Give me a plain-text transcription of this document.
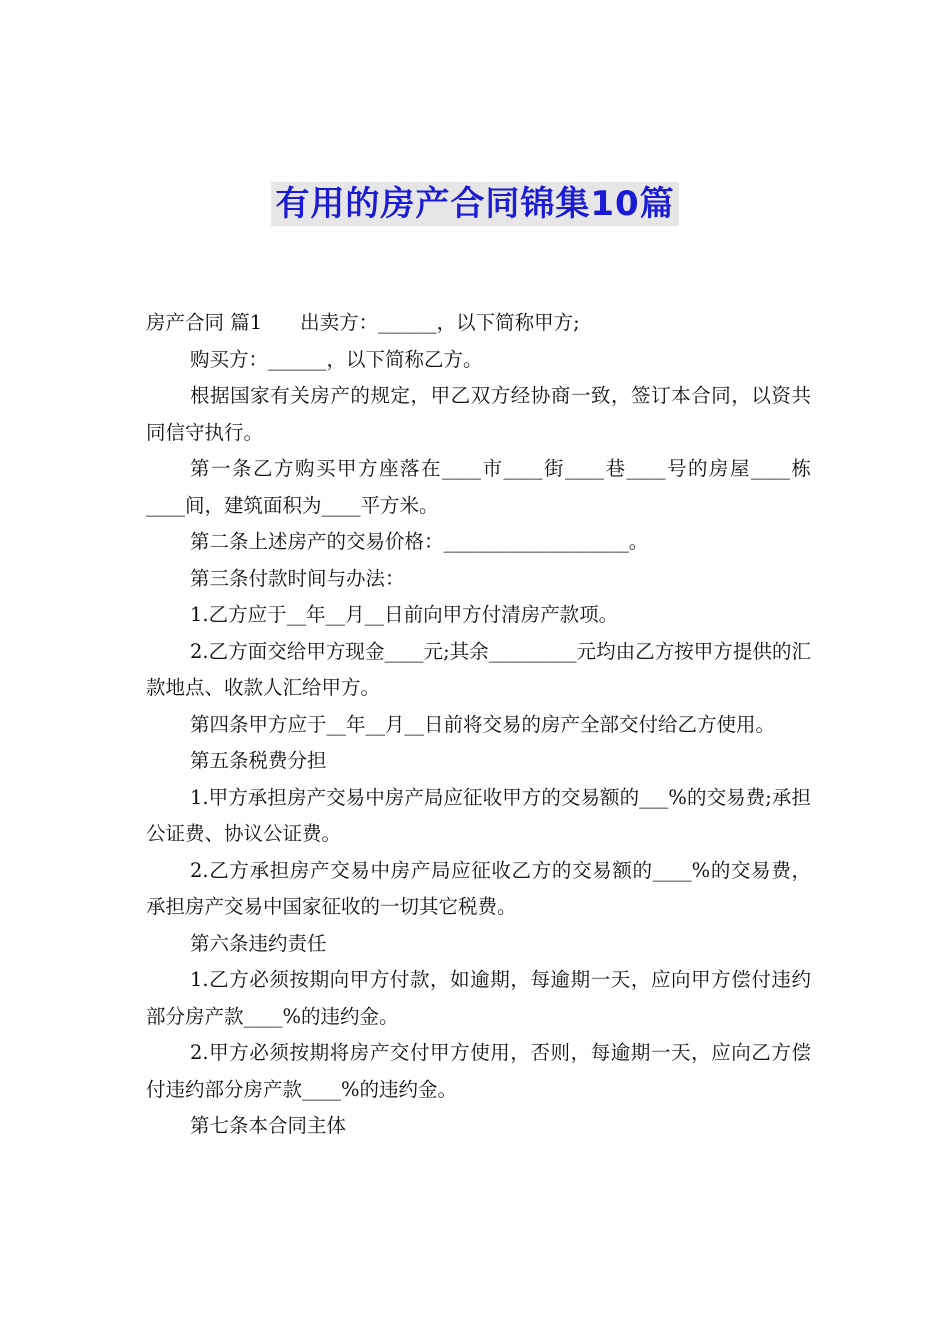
有用的房产合同锦集10篇

房产合同 篇1 出卖方：______，以下简称甲方;

购买方：______，以下简称乙方。

根据国家有关房产的规定，甲乙双方经协商一致，签订本合同，以资共同信守执行。

第一条乙方购买甲方座落在____市____街____巷____号的房屋____栋____间，建筑面积为____平方米。

第二条上述房产的交易价格：___________________。

第三条付款时间与办法：

1.乙方应于__年__月__日前向甲方付清房产款项。

2.乙方面交给甲方现金____元;其余_________元均由乙方按甲方提供的汇款地点、收款人汇给甲方。

第四条甲方应于__年__月__日前将交易的房产全部交付给乙方使用。

第五条税费分担

1.甲方承担房产交易中房产局应征收甲方的交易额的___%的交易费;承担公证费、协议公证费。

2.乙方承担房产交易中房产局应征收乙方的交易额的____%的交易费，承担房产交易中国家征收的一切其它税费。

第六条违约责任

1.乙方必须按期向甲方付款，如逾期，每逾期一天，应向甲方偿付违约部分房产款____%的违约金。

2.甲方必须按期将房产交付甲方使用，否则，每逾期一天，应向乙方偿付违约部分房产款____%的违约金。

第七条本合同主体
